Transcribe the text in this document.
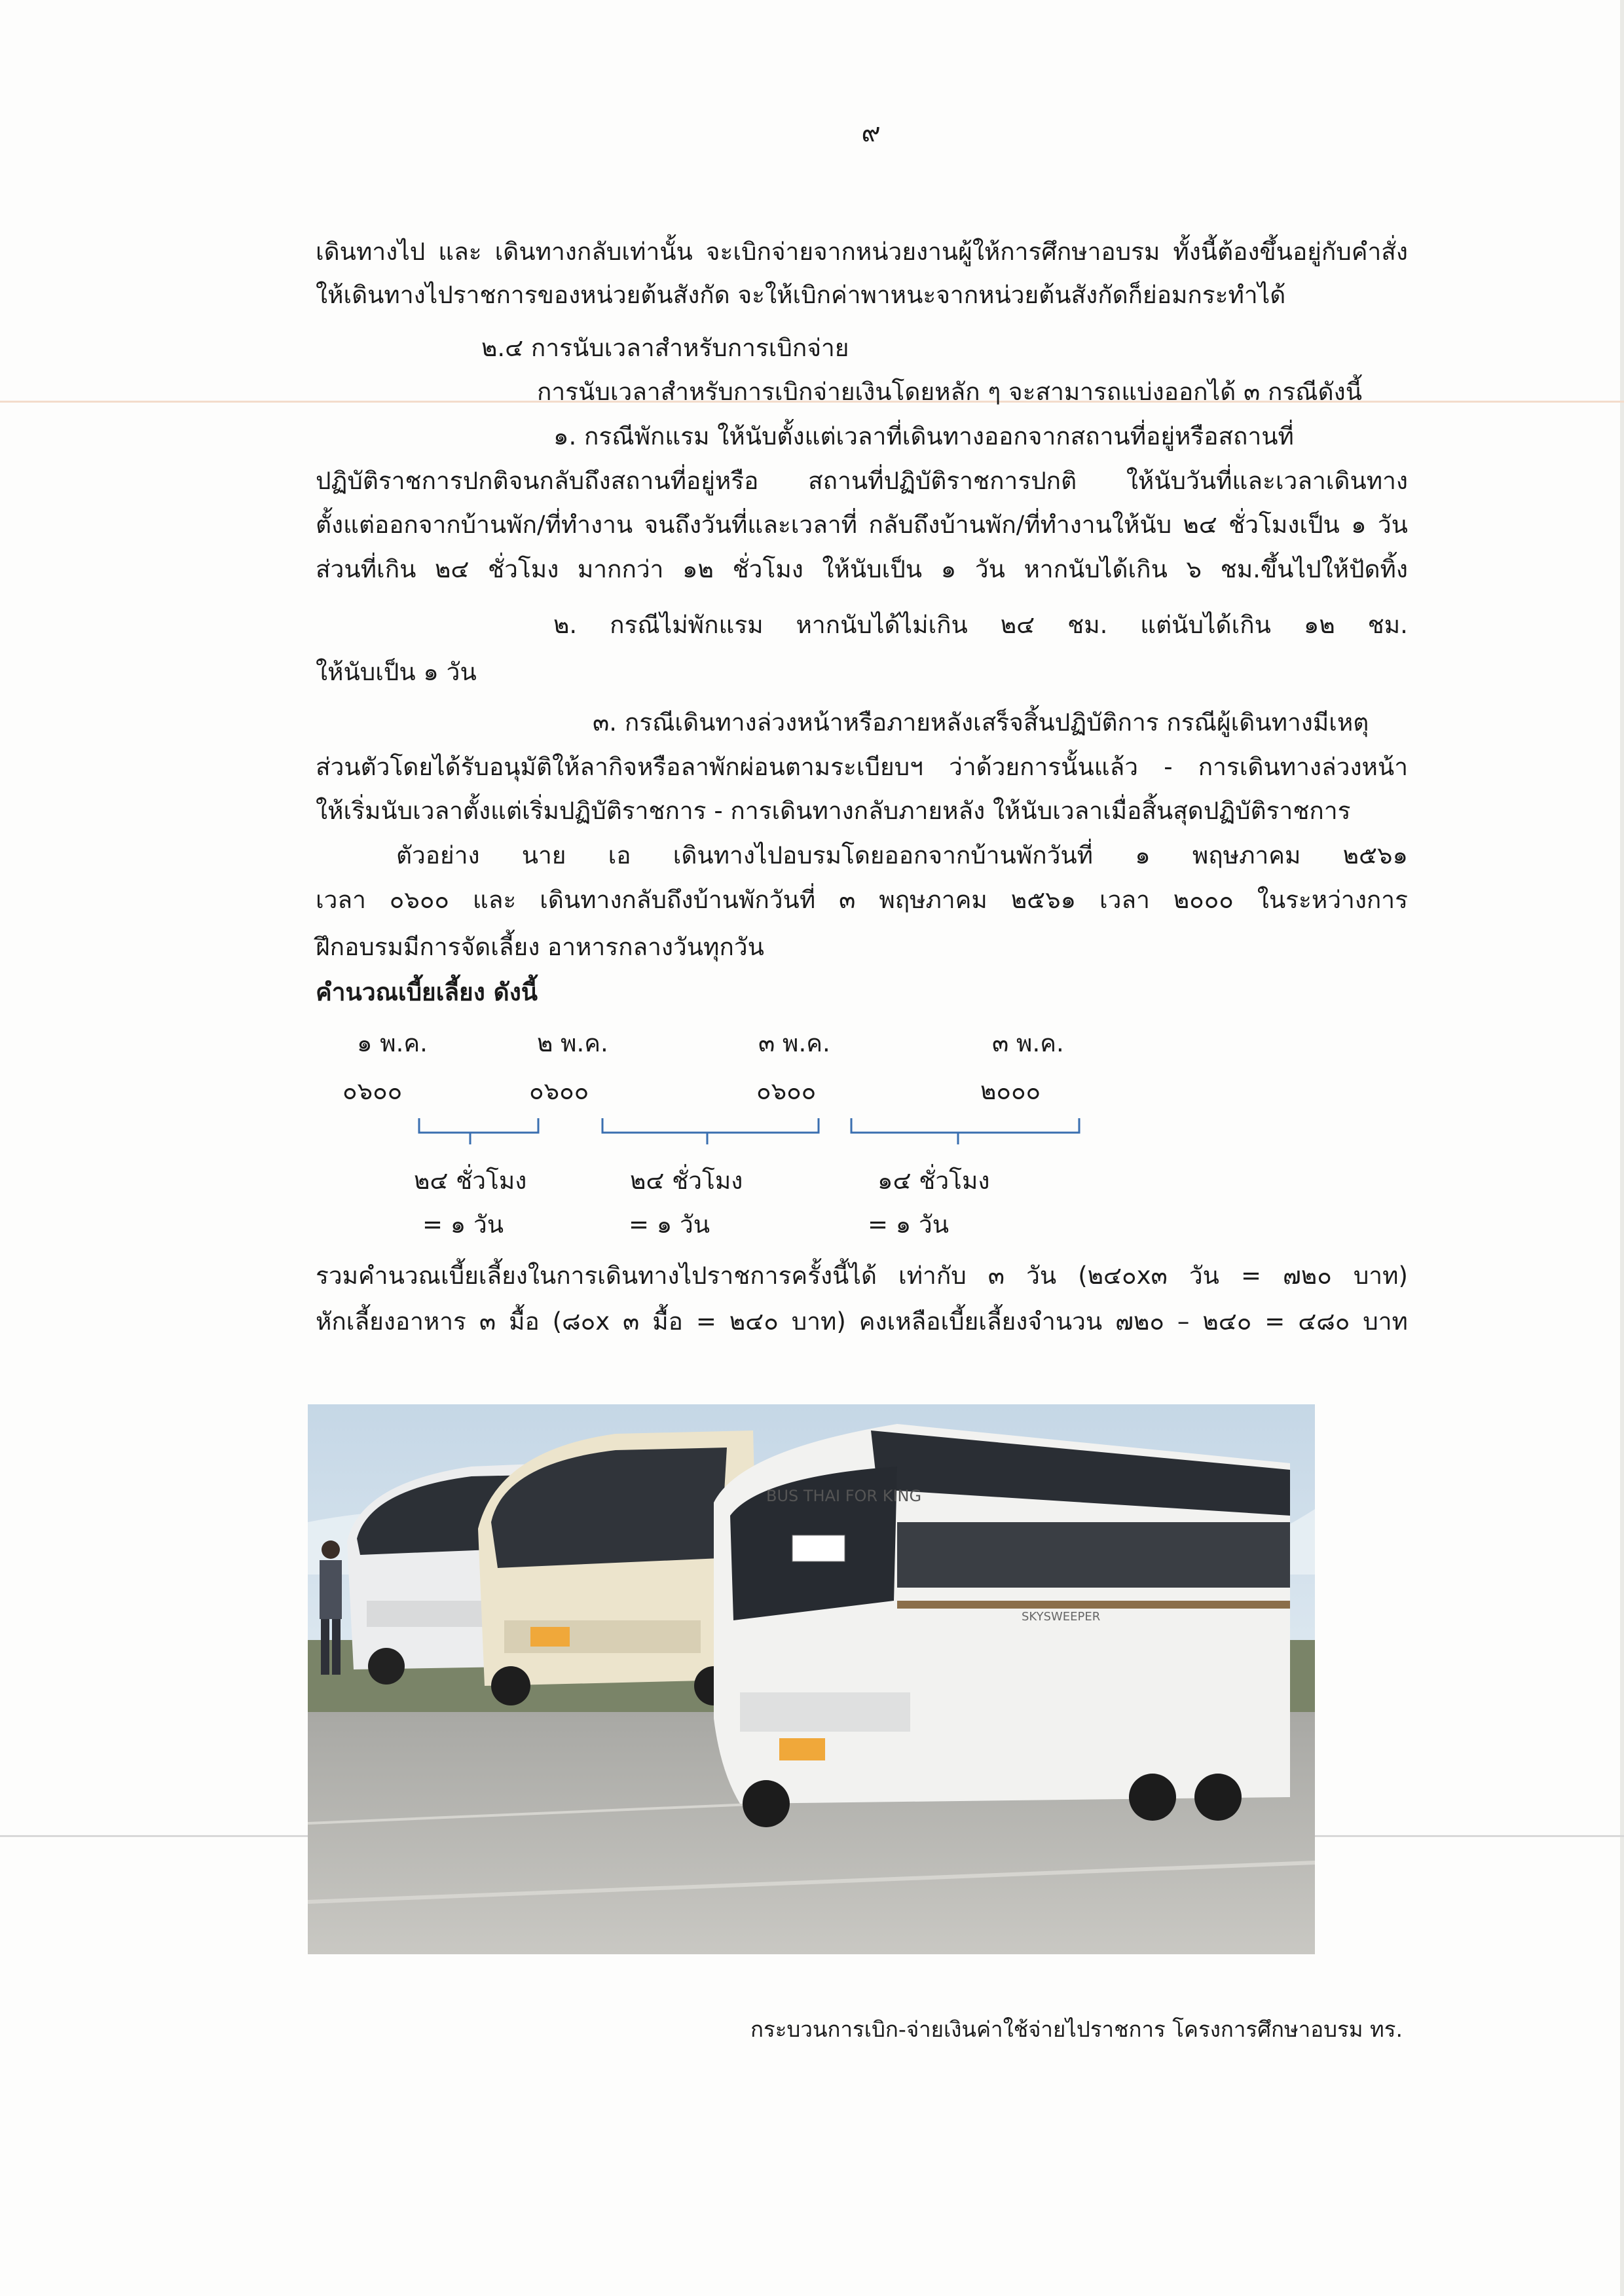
๙
เดินทางไป และ เดินทางกลับเท่านั้น จะเบิกจ่ายจากหน่วยงานผู้ให้การศึกษาอบรม ทั้งนี้ต้องขึ้นอยู่กับคำสั่ง
ให้เดินทางไปราชการของหน่วยต้นสังกัด จะให้เบิกค่าพาหนะจากหน่วยต้นสังกัดก็ย่อมกระทำได้
๒.๔ การนับเวลาสำหรับการเบิกจ่าย
การนับเวลาสำหรับการเบิกจ่ายเงินโดยหลัก ๆ จะสามารถแบ่งออกได้ ๓ กรณีดังนี้
๑. กรณีพักแรม ให้นับตั้งแต่เวลาที่เดินทางออกจากสถานที่อยู่หรือสถานที่
ปฏิบัติราชการปกติจนกลับถึงสถานที่อยู่หรือ สถานที่ปฏิบัติราชการปกติ ให้นับวันที่และเวลาเดินทาง
ตั้งแต่ออกจากบ้านพัก/ที่ทำงาน จนถึงวันที่และเวลาที่ กลับถึงบ้านพัก/ที่ทำงานให้นับ ๒๔ ชั่วโมงเป็น ๑ วัน
ส่วนที่เกิน ๒๔ ชั่วโมง มากกว่า ๑๒ ชั่วโมง ให้นับเป็น ๑ วัน หากนับได้เกิน ๖ ชม.ขึ้นไปให้ปัดทิ้ง
๒. กรณีไม่พักแรม หากนับได้ไม่เกิน ๒๔ ชม. แต่นับได้เกิน ๑๒ ชม.
ให้นับเป็น ๑ วัน
๓. กรณีเดินทางล่วงหน้าหรือภายหลังเสร็จสิ้นปฏิบัติการ กรณีผู้เดินทางมีเหตุ
ส่วนตัวโดยได้รับอนุมัติให้ลากิจหรือลาพักผ่อนตามระเบียบฯ ว่าด้วยการนั้นแล้ว - การเดินทางล่วงหน้า
ให้เริ่มนับเวลาตั้งแต่เริ่มปฏิบัติราชการ - การเดินทางกลับภายหลัง ให้นับเวลาเมื่อสิ้นสุดปฏิบัติราชการ
ตัวอย่าง นาย เอ เดินทางไปอบรมโดยออกจากบ้านพักวันที่ ๑ พฤษภาคม ๒๕๖๑
เวลา ๐๖๐๐ และ เดินทางกลับถึงบ้านพักวันที่ ๓ พฤษภาคม ๒๕๖๑ เวลา ๒๐๐๐ ในระหว่างการ
ฝึกอบรมมีการจัดเลี้ยง อาหารกลางวันทุกวัน
คำนวณเบี้ยเลี้ยง ดังนี้
๑ พ.ค.	๒ พ.ค.	๓ พ.ค.	๓ พ.ค.
๐๖๐๐	๐๖๐๐	๐๖๐๐	๒๐๐๐
๒๔ ชั่วโมง	๒๔ ชั่วโมง	๑๔ ชั่วโมง
= ๑ วัน	= ๑ วัน	= ๑ วัน
รวมคำนวณเบี้ยเลี้ยงในการเดินทางไปราชการครั้งนี้ได้ เท่ากับ ๓ วัน (๒๔๐x๓ วัน = ๗๒๐ บาท)
หักเลี้ยงอาหาร ๓ มื้อ (๘๐x ๓ มื้อ = ๒๔๐ บาท) คงเหลือเบี้ยเลี้ยงจำนวน ๗๒๐ – ๒๔๐ = ๔๘๐ บาท
BUS THAI FOR KING
SKYSWEEPER
กระบวนการเบิก-จ่ายเงินค่าใช้จ่ายไปราชการ โครงการศึกษาอบรม ทร.
